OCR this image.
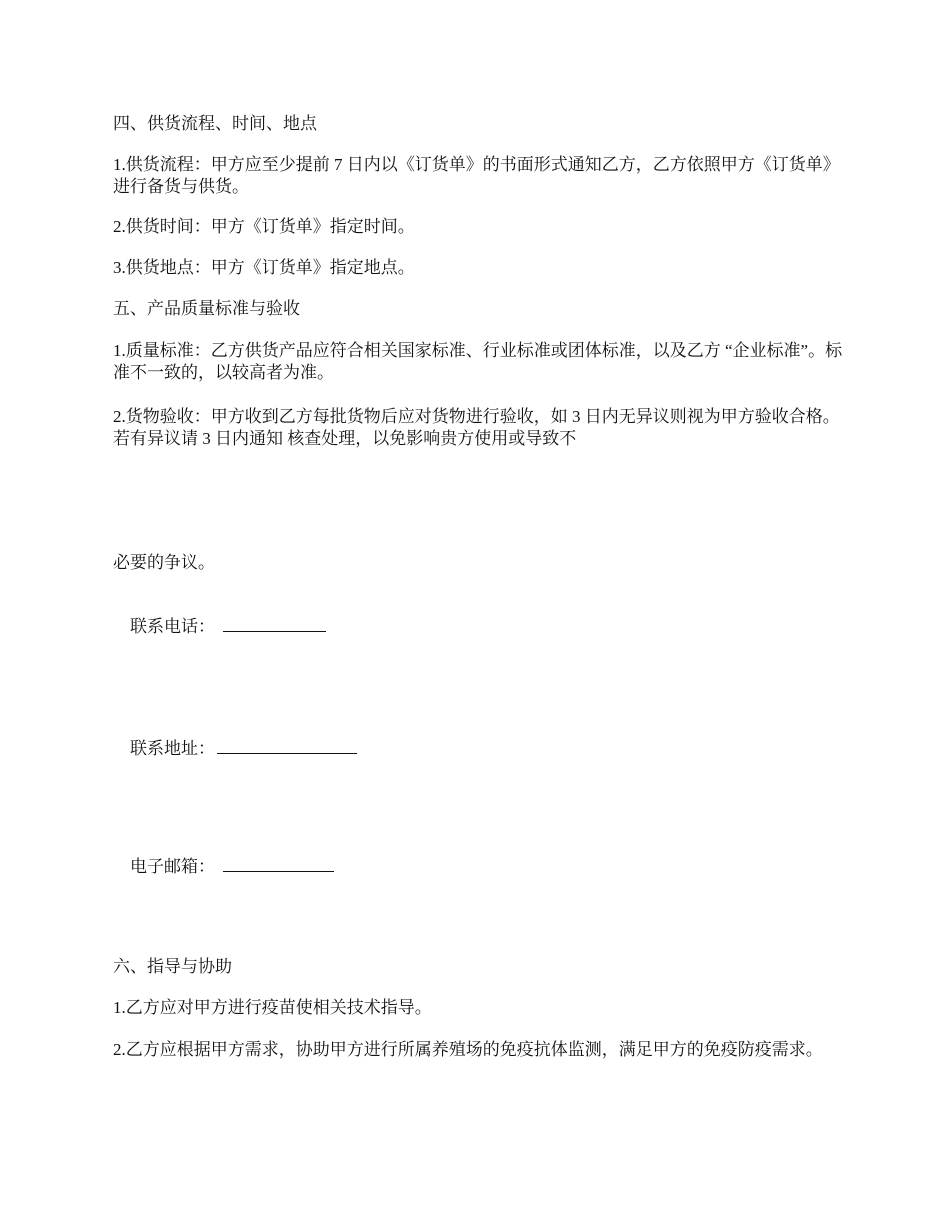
四、供货流程、时间、地点
1.供货流程：甲方应至少提前 7 日内以《订货单》的书面形式通知乙方，乙方依照甲方《订货单》进行备货与供货。
2.供货时间：甲方《订货单》指定时间。
3.供货地点：甲方《订货单》指定地点。
五、产品质量标准与验收
1.质量标准：乙方供货产品应符合相关国家标准、行业标准或团体标准，以及乙方 “企业标准”。标准不一致的，以较高者为准。
2.货物验收：甲方收到乙方每批货物后应对货物进行验收，如 3 日内无异议则视为甲方验收合格。若有异议请 3 日内通知 核查处理，以免影响贵方使用或导致不
必要的争议。

联系电话：

联系地址：

电子邮箱：

六、指导与协助
1.乙方应对甲方进行疫苗使相关技术指导。
2.乙方应根据甲方需求，协助甲方进行所属养殖场的免疫抗体监测，满足甲方的免疫防疫需求。
